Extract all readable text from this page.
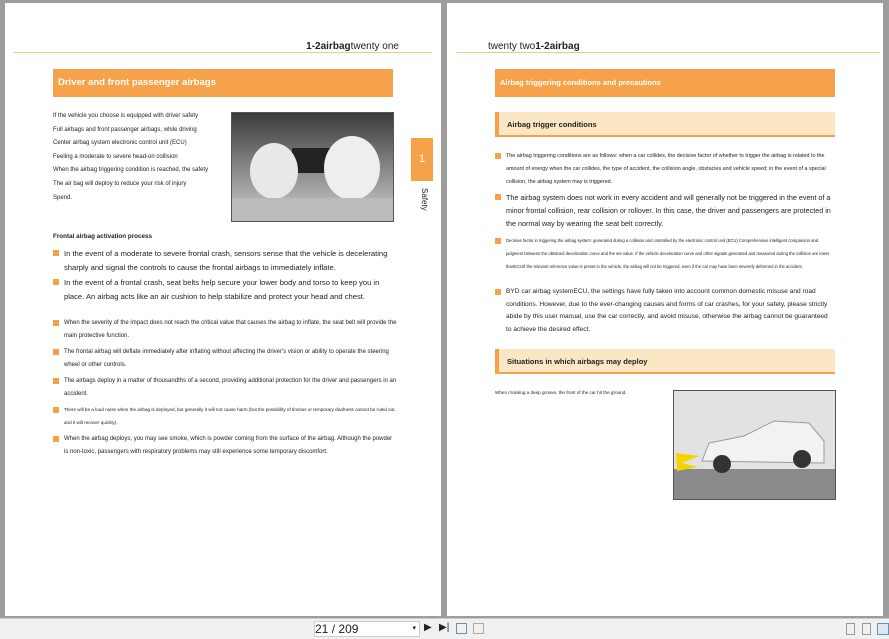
1-2airbagtwenty one
Driver and front passenger airbags
If the vehicle you choose is equipped with driver safety
Full airbags and front passenger airbags, while driving
Center airbag system electronic control unit (ECU)
Feeling a moderate to severe head-on collision
When the airbag triggering condition is reached, the safety
The air bag will deploy to reduce your risk of injury
Spend.
1
Safety
Frontal airbag activation process
In the event of a moderate to severe frontal crash, sensors sense that the vehicle is decelerating sharply and signal the controls to cause the frontal airbags to immediately inflate.
In the event of a frontal crash, seat belts help secure your lower body and torso to keep you in place. An airbag acts like an air cushion to help stabilize and protect your head and chest.
When the severity of the impact does not reach the critical value that causes the airbag to inflate, the seat belt will provide the main protective function.
The frontal airbag will deflate immediately after inflating without affecting the driver's vision or ability to operate the steering wheel or other controls.
The airbags deploy in a matter of thousandths of a second, providing additional protection for the driver and passengers in an accident.
There will be a loud noise when the airbag is deployed, but generally it will not cause harm (but the possibility of tinnitus or temporary deafness cannot be ruled out, and it will recover quickly).
When the airbag deploys, you may see smoke, which is powder coming from the surface of the airbag. Although the powder is non-toxic, passengers with respiratory problems may still experience some temporary discomfort.
twenty two1-2airbag
Airbag triggering conditions and precautions
Airbag trigger conditions
The airbag triggering conditions are as follows: when a car collides, the decisive factor of whether to trigger the airbag is related to the amount of energy when the car collides, the type of accident, the collision angle, obstacles and vehicle speed; in the event of a special collision, the airbag system may is triggered.
The airbag system does not work in every accident and will generally not be triggered in the event of a minor frontal collision, rear collision or rollover. In this case, the driver and passengers are protected in the normal way by wearing the seat belt correctly.
Decisive factor in triggering the airbag system: generated during a collision and controlled by the electronic control unit (ECU) Comprehensive intelligent comparison and judgment between the obtained deceleration curve and the set value. If the vehicle deceleration curve and other signals generated and measured during the collision are lower thanECUIf the relevant reference value is preset in the vehicle, the airbag will not be triggered, even if the car may have been severely deformed in the accident.
BYD car airbag systemECU, the settings have fully taken into account common domestic misuse and road conditions. However, due to the ever-changing causes and forms of car crashes, for your safety, please strictly abide by this user manual, use the car correctly, and avoid misuse, otherwise the airbag cannot be guaranteed to achieve the desired effect.
Situations in which airbags may deploy
When crossing a deep groove, the front of the car hit the ground.
21 / 209	▾ ▶ ▶|
